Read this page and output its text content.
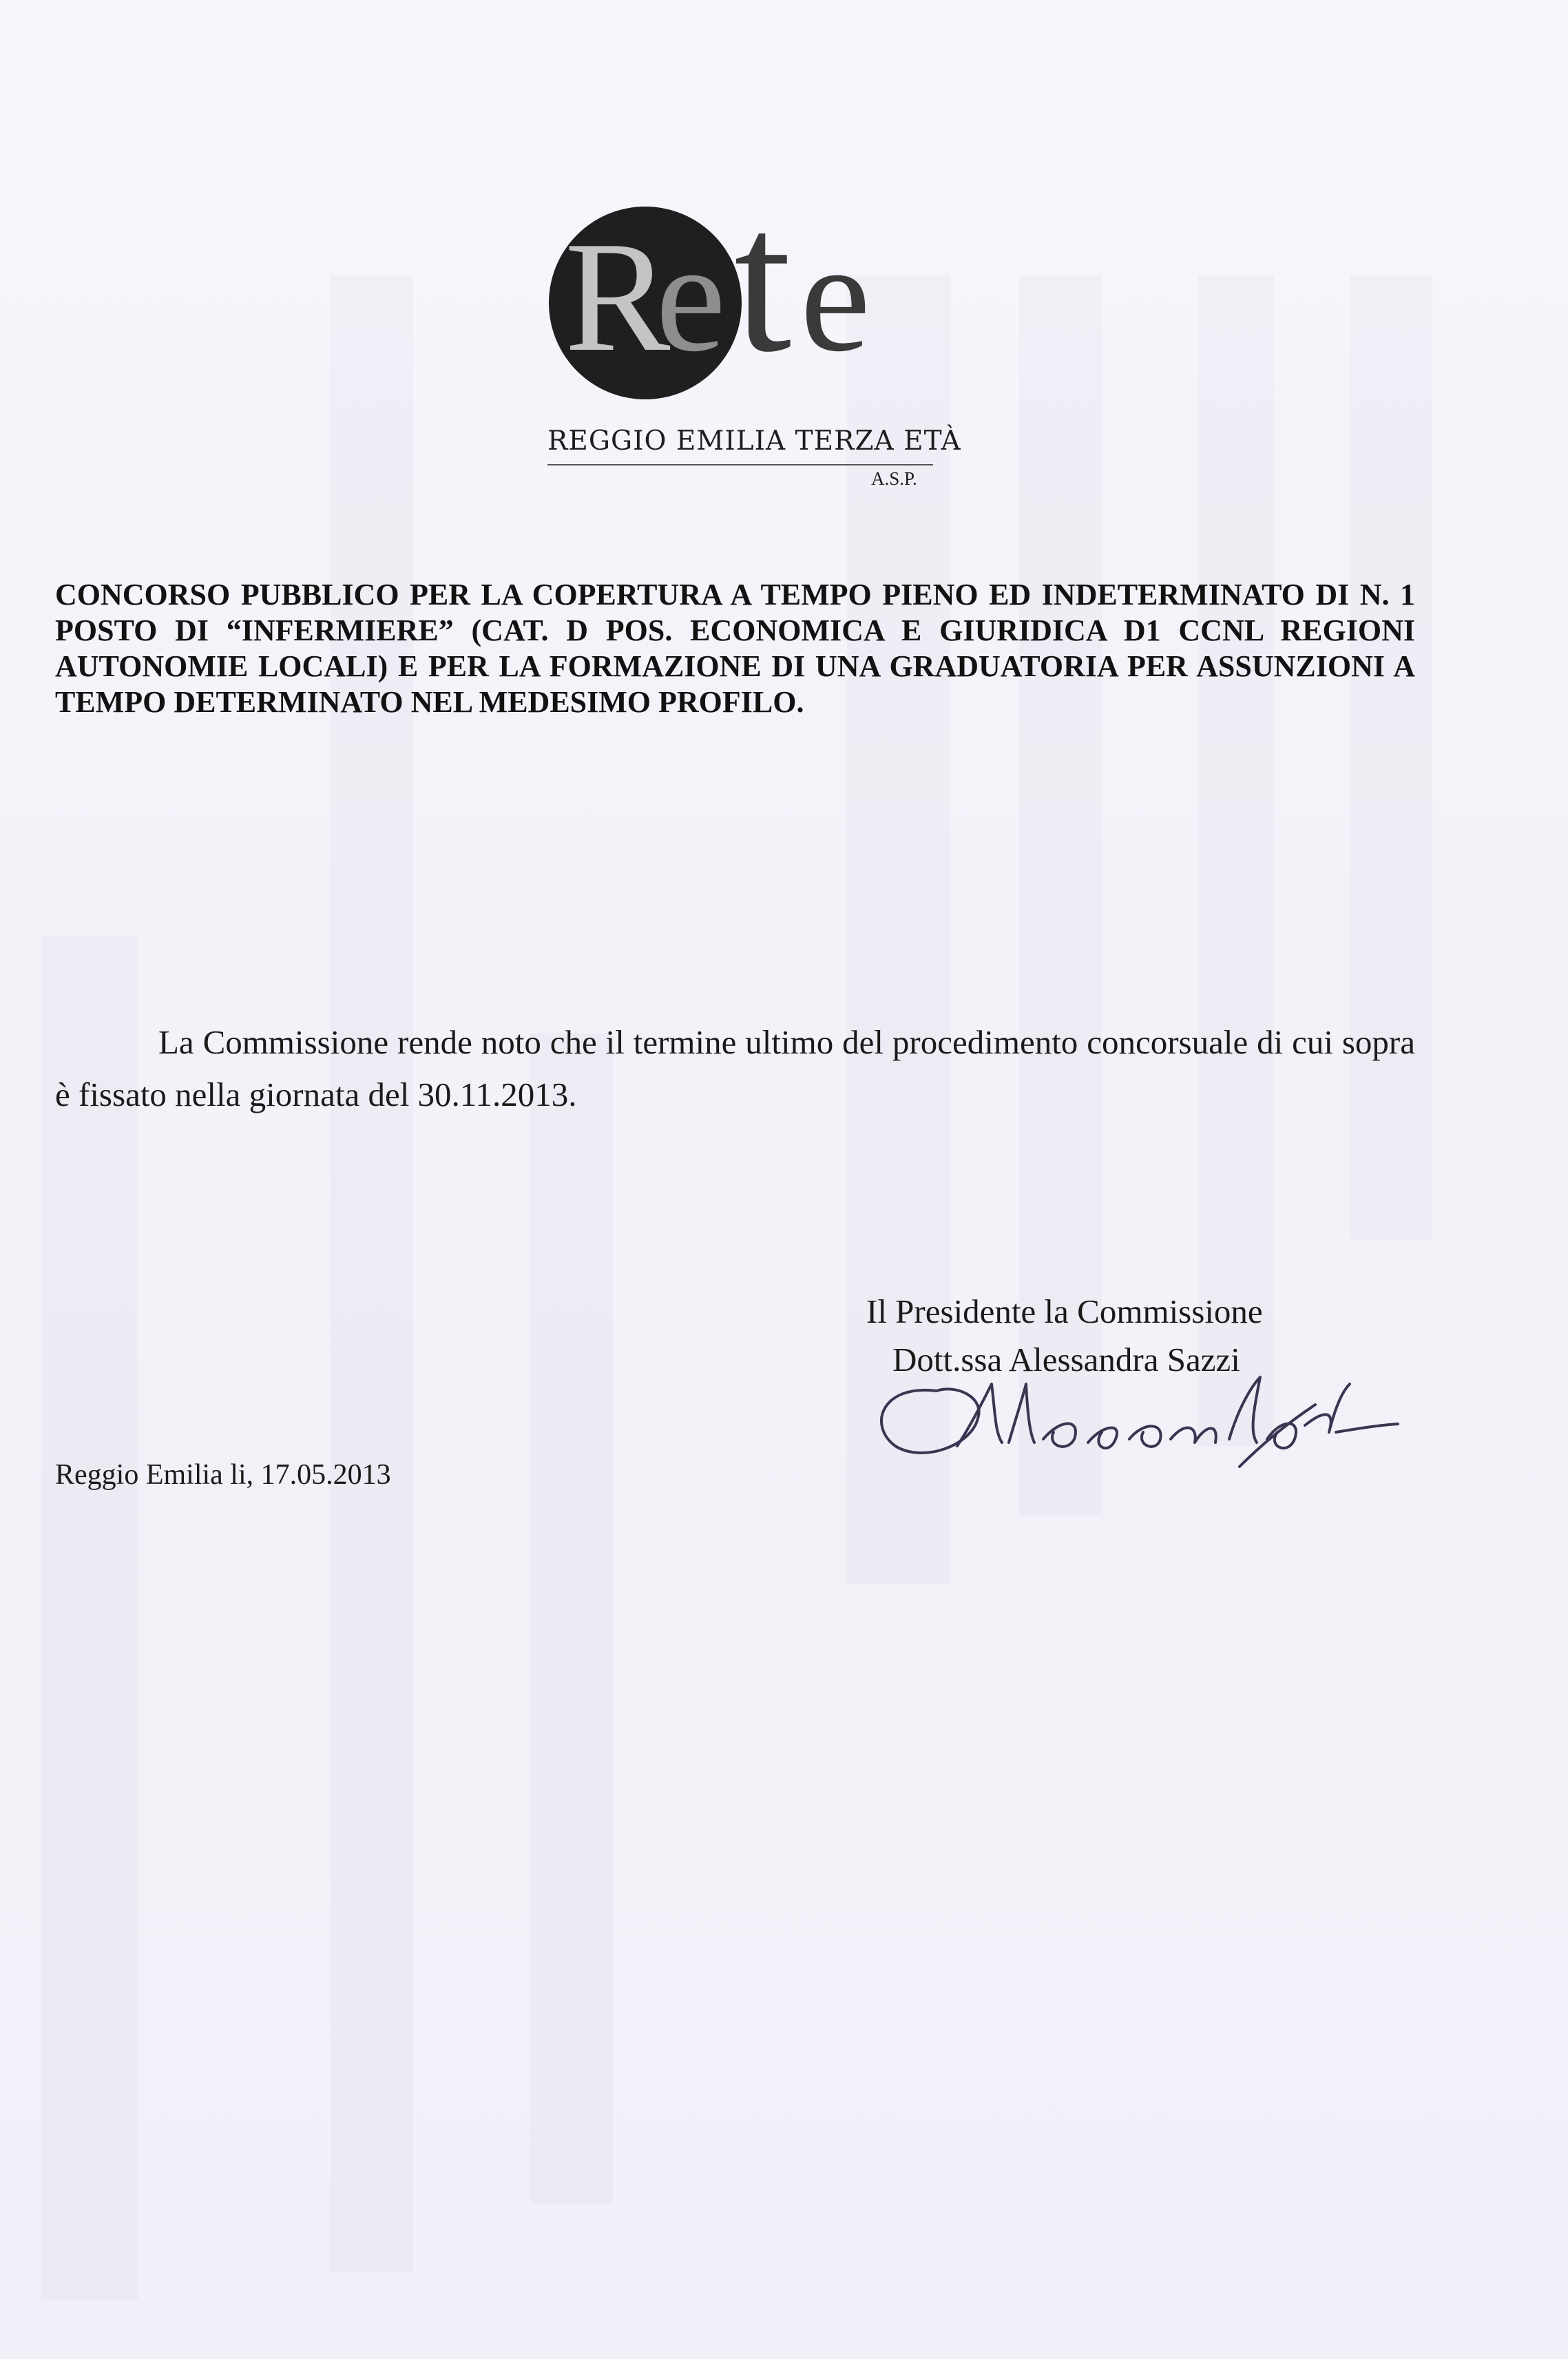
R
e t e
REGGIO EMILIA TERZA ETÀ
A.S.P.
CONCORSO PUBBLICO PER LA COPERTURA A TEMPO PIENO ED INDETERMINATO DI N. 1 POSTO DI “INFERMIERE” (CAT. D POS. ECONOMICA E GIURIDICA D1 CCNL REGIONI AUTONOMIE LOCALI) E PER LA FORMAZIONE DI UNA GRADUATORIA PER ASSUNZIONI A TEMPO DETERMINATO NEL MEDESIMO PROFILO.
La Commissione rende noto che il termine ultimo del procedimento concorsuale di cui sopra è fissato nella giornata del 30.11.2013.
Il Presidente la Commissione
Dott.ssa Alessandra Sazzi
Reggio Emilia li, 17.05.2013
